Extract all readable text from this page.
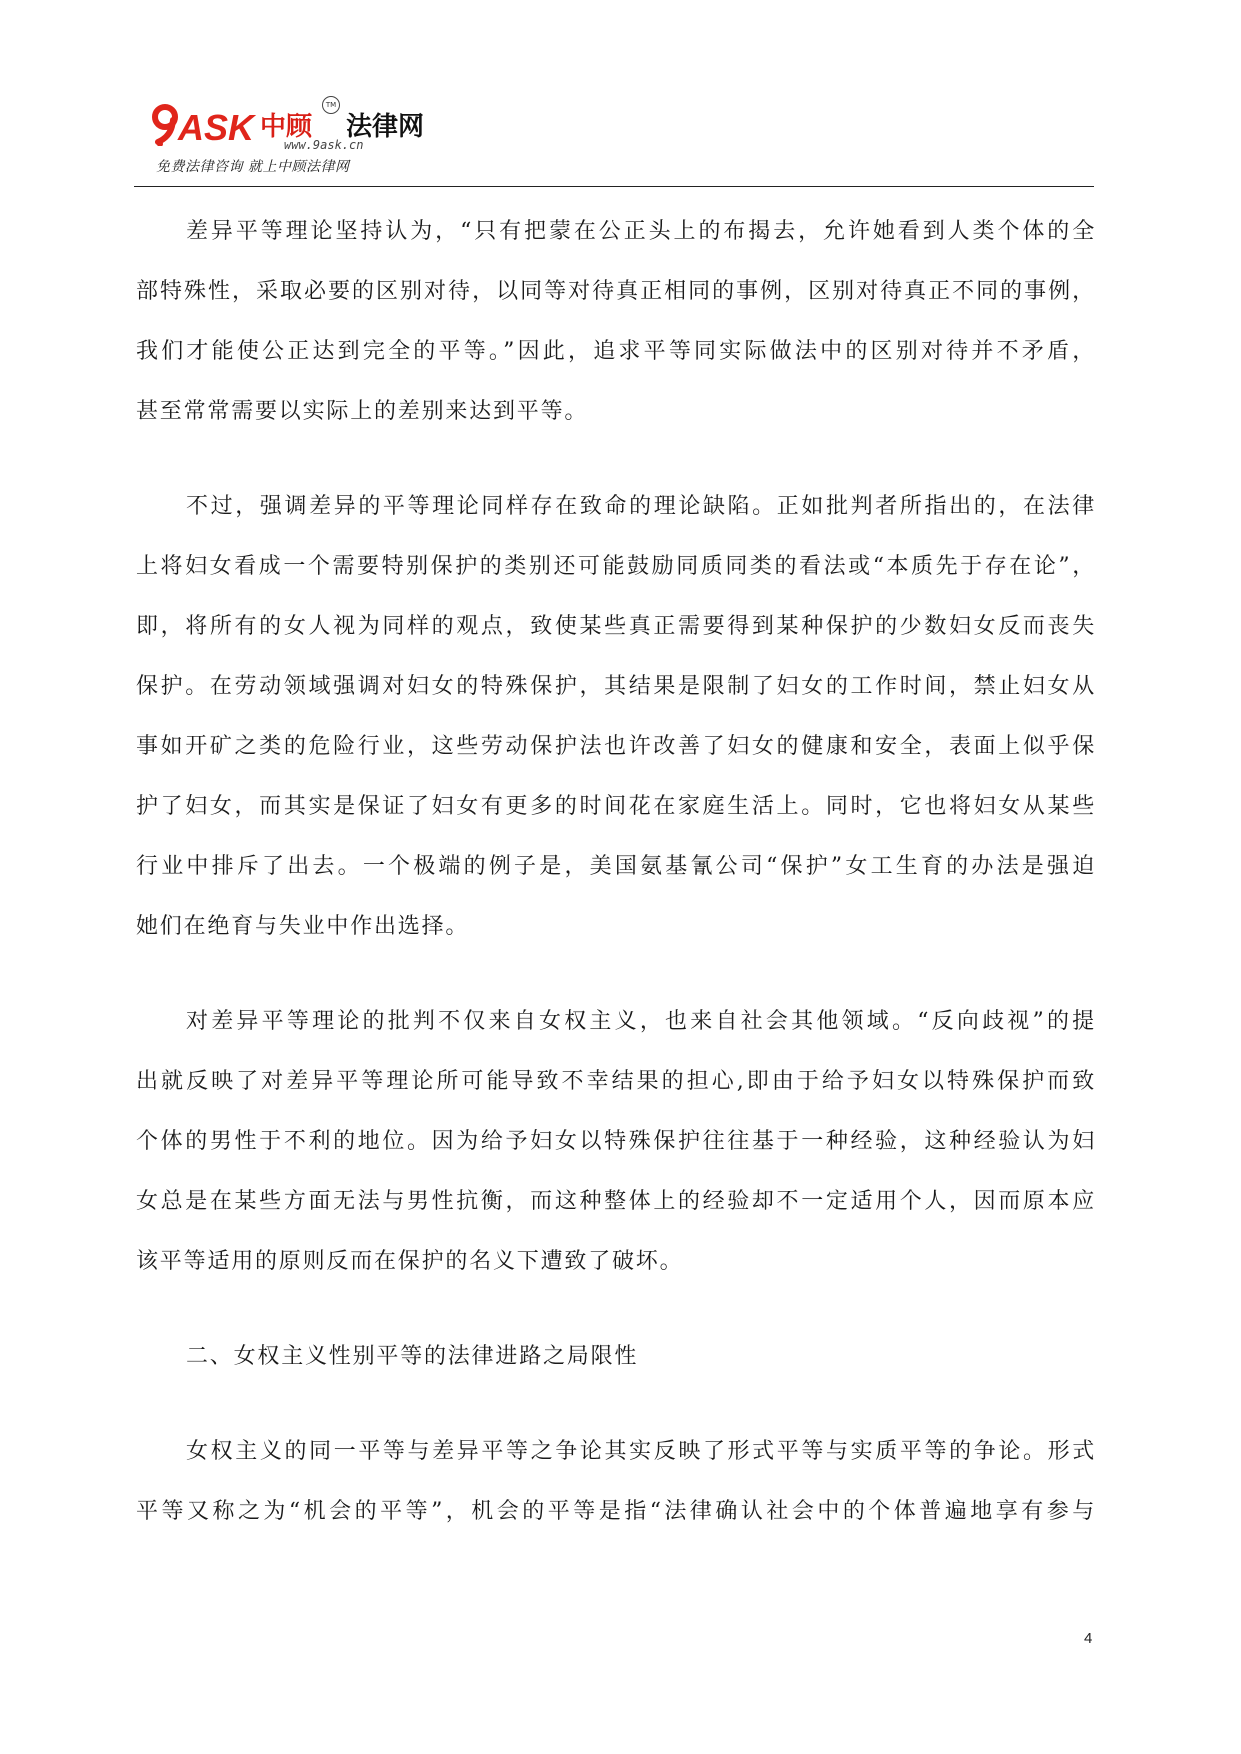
ASK 中顾
TM
法律网
www.9ask.cn
免费法律咨询 就上中顾法律网
差异平等理论坚持认为，“只有把蒙在公正头上的布揭去，允许她看到人类个体的全
部特殊性，采取必要的区别对待，以同等对待真正相同的事例，区别对待真正不同的事例，
我们才能使公正达到完全的平等。”因此，追求平等同实际做法中的区别对待并不矛盾，
甚至常常需要以实际上的差别来达到平等。
不过，强调差异的平等理论同样存在致命的理论缺陷。正如批判者所指出的，在法律
上将妇女看成一个需要特别保护的类别还可能鼓励同质同类的看法或“本质先于存在论”，
即，将所有的女人视为同样的观点，致使某些真正需要得到某种保护的少数妇女反而丧失
保护。在劳动领域强调对妇女的特殊保护，其结果是限制了妇女的工作时间，禁止妇女从
事如开矿之类的危险行业，这些劳动保护法也许改善了妇女的健康和安全，表面上似乎保
护了妇女，而其实是保证了妇女有更多的时间花在家庭生活上。同时，它也将妇女从某些
行业中排斥了出去。一个极端的例子是，美国氨基氰公司“保护”女工生育的办法是强迫
她们在绝育与失业中作出选择。
对差异平等理论的批判不仅来自女权主义，也来自社会其他领域。“反向歧视”的提
出就反映了对差异平等理论所可能导致不幸结果的担心,即由于给予妇女以特殊保护而致
个体的男性于不利的地位。因为给予妇女以特殊保护往往基于一种经验，这种经验认为妇
女总是在某些方面无法与男性抗衡，而这种整体上的经验却不一定适用个人，因而原本应
该平等适用的原则反而在保护的名义下遭致了破坏。
二、女权主义性别平等的法律进路之局限性
女权主义的同一平等与差异平等之争论其实反映了形式平等与实质平等的争论。形式
平等又称之为“机会的平等”，机会的平等是指“法律确认社会中的个体普遍地享有参与
4
